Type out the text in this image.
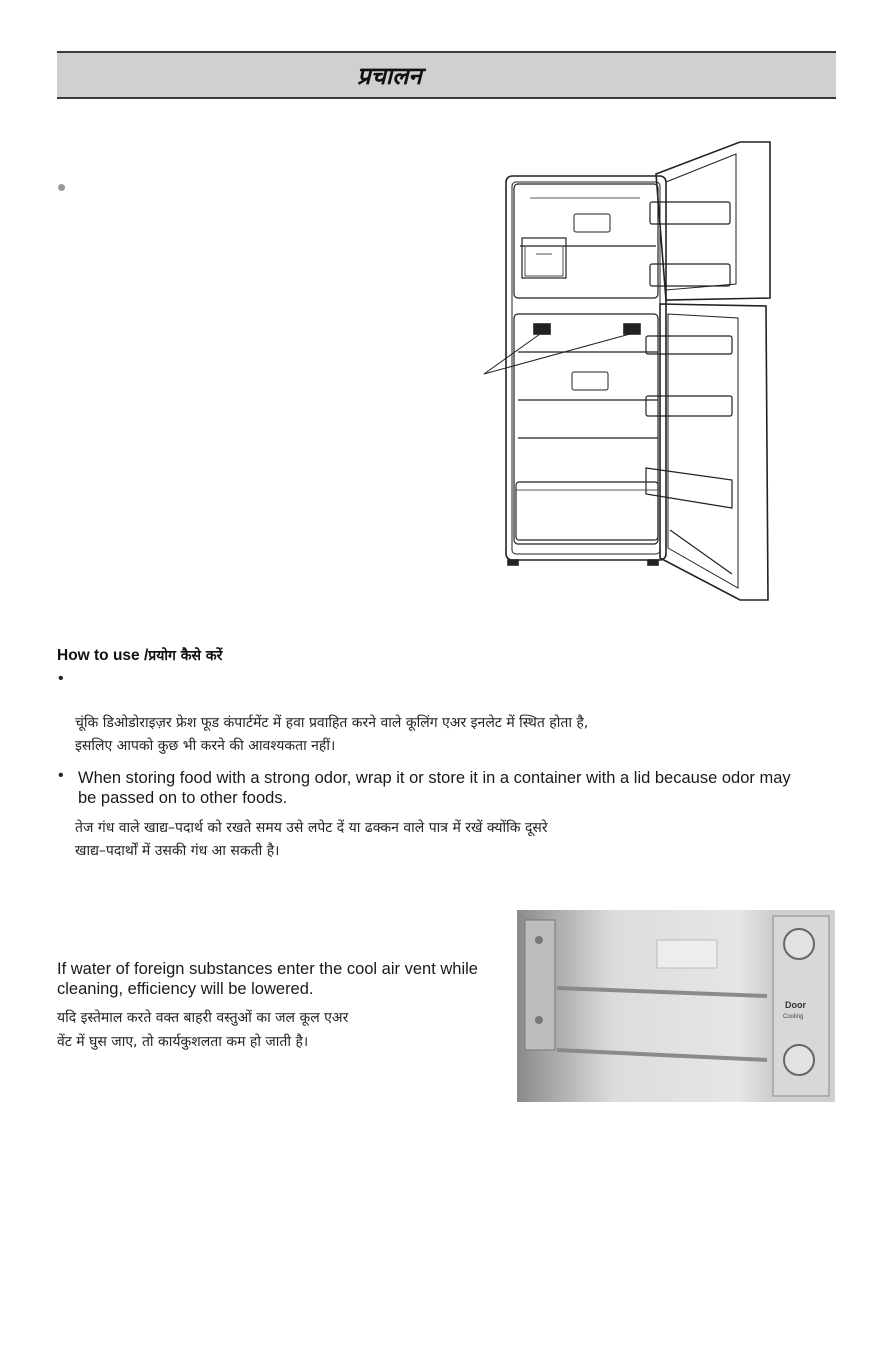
प्रचालन
How to use /प्रयोग कैसे करें
•
चूंकि डिओडोराइज़र फ्रेश फूड कंपार्टमेंट में हवा प्रवाहित करने वाले कूलिंग एअर इनलेट में स्थित होता है,
इसलिए आपको कुछ भी करने की आवश्यकता नहीं।
• When storing food with a strong odor, wrap it or store it in a container with a lid because odor may
be passed on to other foods.
तेज गंध वाले खाद्य–पदार्थ को रखते समय उसे लपेट दें या ढक्कन वाले पात्र में रखें क्योंकि दूसरे
खाद्य–पदार्थों में उसकी गंध आ सकती है।
If water of foreign substances enter the cool air vent while
cleaning, efficiency will be lowered.
यदि इस्तेमाल करते वक्त बाहरी वस्तुओं का जल कूल एअर
वेंट में घुस जाए, तो कार्यकुशलता कम हो जाती है।
Door
Cooling
